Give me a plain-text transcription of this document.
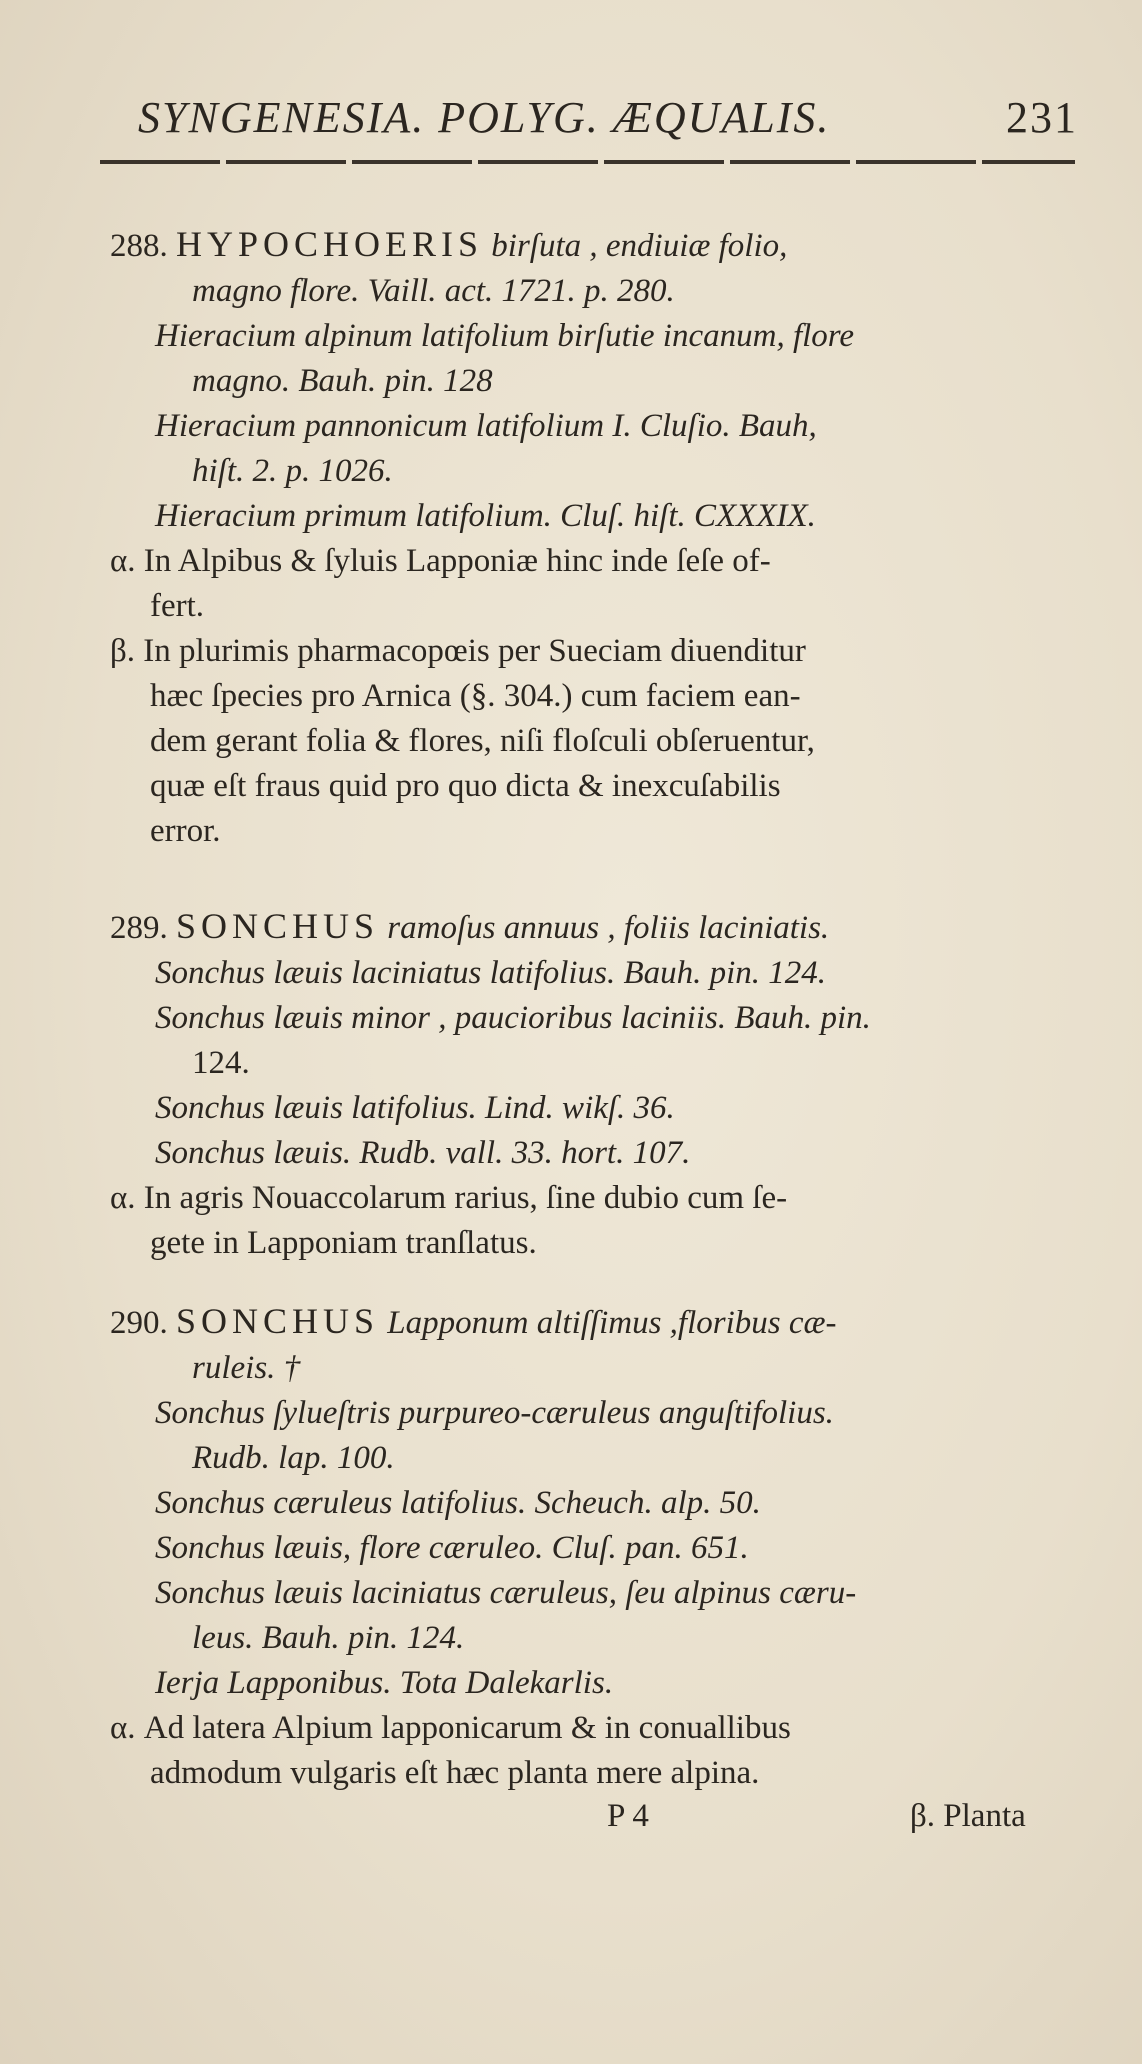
SYNGENESIA. POLYG. ÆQUALIS.	231
288. HYPOCHOERIS birſuta , endiuiæ folio,
magno flore. Vaill. act. 1721. p. 280.
Hieracium alpinum latifolium birſutie incanum, flore
magno. Bauh. pin. 128
Hieracium pannonicum latifolium I. Cluſio. Bauh,
hiſt. 2. p. 1026.
Hieracium primum latifolium. Cluſ. hiſt. CXXXIX.
α. In Alpibus & ſyluis Lapponiæ hinc inde ſeſe of-
fert.
β. In plurimis pharmacopœis per Sueciam diuenditur
hæc ſpecies pro Arnica (§. 304.) cum faciem ean-
dem gerant folia & flores, niſi floſculi obſeruentur,
quæ eſt fraus quid pro quo dicta & inexcuſabilis
error.
289. SONCHUS ramoſus annuus , foliis laciniatis.
Sonchus læuis laciniatus latifolius. Bauh. pin. 124.
Sonchus læuis minor , paucioribus laciniis. Bauh. pin.
124.
Sonchus læuis latifolius. Lind. wikſ. 36.
Sonchus læuis. Rudb. vall. 33. hort. 107.
α. In agris Nouaccolarum rarius, ſine dubio cum ſe-
gete in Lapponiam tranſlatus.
290. SONCHUS Lapponum altiſſimus ,floribus cæ-
ruleis. †
Sonchus ſylueſtris purpureo-cæruleus anguſtifolius.
Rudb. lap. 100.
Sonchus cæruleus latifolius. Scheuch. alp. 50.
Sonchus læuis, flore cæruleo. Cluſ. pan. 651.
Sonchus læuis laciniatus cæruleus, ſeu alpinus cæru-
leus. Bauh. pin. 124.
Ierja Lapponibus. Tota Dalekarlis.
α. Ad latera Alpium lapponicarum & in conuallibus
admodum vulgaris eſt hæc planta mere alpina.
P 4	β. Planta
